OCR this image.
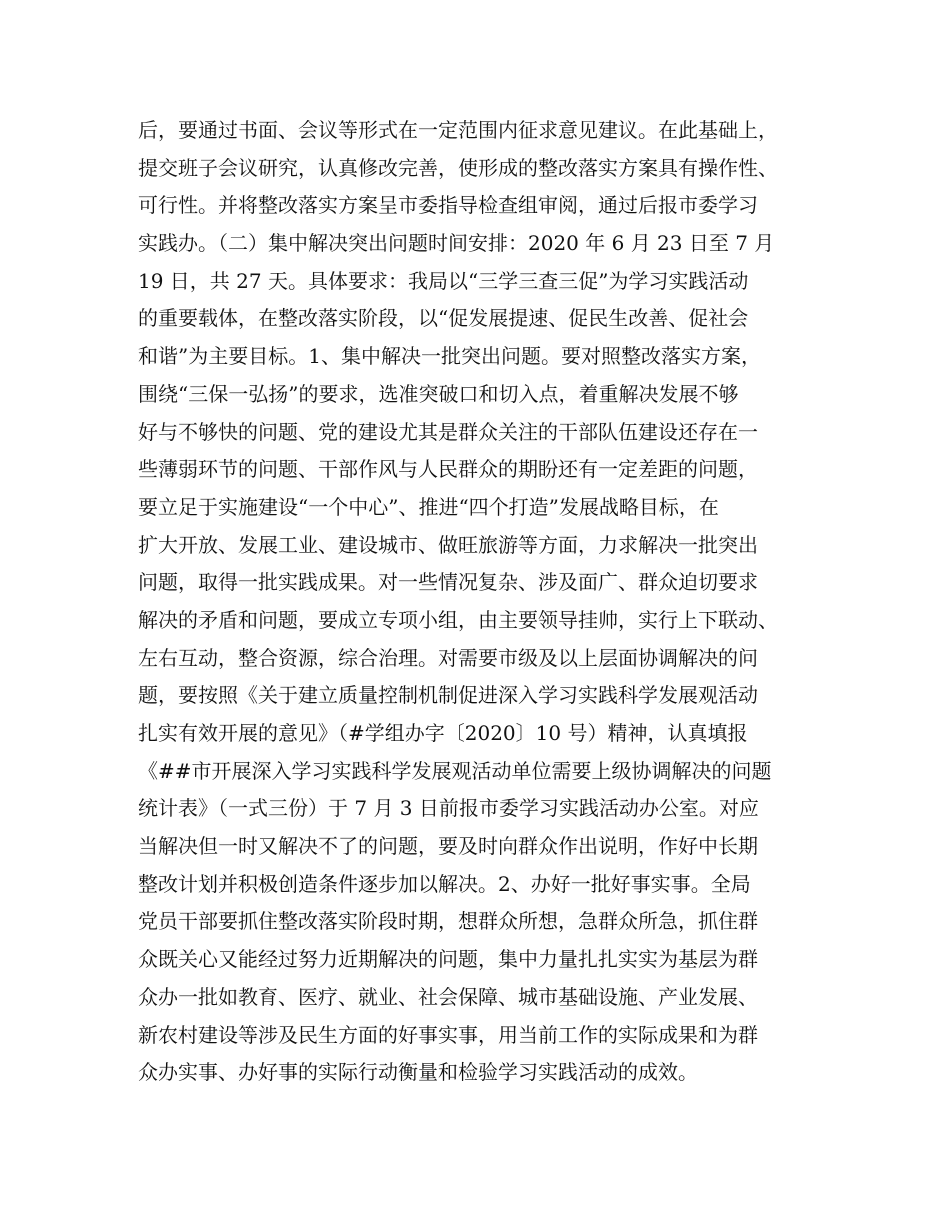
后，要通过书面、会议等形式在一定范围内征求意见建议。在此基础上，
提交班子会议研究，认真修改完善，使形成的整改落实方案具有操作性、
可行性。并将整改落实方案呈市委指导检查组审阅，通过后报市委学习
实践办。（二）集中解决突出问题时间安排：2020 年 6 月 23 日至 7 月
19 日，共 27 天。具体要求：我局以“三学三查三促”为学习实践活动
的重要载体，在整改落实阶段，以“促发展提速、促民生改善、促社会
和谐”为主要目标。1、集中解决一批突出问题。要对照整改落实方案，
围绕“三保一弘扬”的要求，选准突破口和切入点，着重解决发展不够
好与不够快的问题、党的建设尤其是群众关注的干部队伍建设还存在一
些薄弱环节的问题、干部作风与人民群众的期盼还有一定差距的问题，
要立足于实施建设“一个中心”、推进“四个打造”发展战略目标，在
扩大开放、发展工业、建设城市、做旺旅游等方面，力求解决一批突出
问题，取得一批实践成果。对一些情况复杂、涉及面广、群众迫切要求
解决的矛盾和问题，要成立专项小组，由主要领导挂帅，实行上下联动、
左右互动，整合资源，综合治理。对需要市级及以上层面协调解决的问
题，要按照《关于建立质量控制机制促进深入学习实践科学发展观活动
扎实有效开展的意见》（#学组办字〔2020〕10 号）精神，认真填报
《##市开展深入学习实践科学发展观活动单位需要上级协调解决的问题
统计表》（一式三份）于 7 月 3 日前报市委学习实践活动办公室。对应
当解决但一时又解决不了的问题，要及时向群众作出说明，作好中长期
整改计划并积极创造条件逐步加以解决。2、办好一批好事实事。全局
党员干部要抓住整改落实阶段时期，想群众所想，急群众所急，抓住群
众既关心又能经过努力近期解决的问题，集中力量扎扎实实为基层为群
众办一批如教育、医疗、就业、社会保障、城市基础设施、产业发展、
新农村建设等涉及民生方面的好事实事，用当前工作的实际成果和为群
众办实事、办好事的实际行动衡量和检验学习实践活动的成效。
